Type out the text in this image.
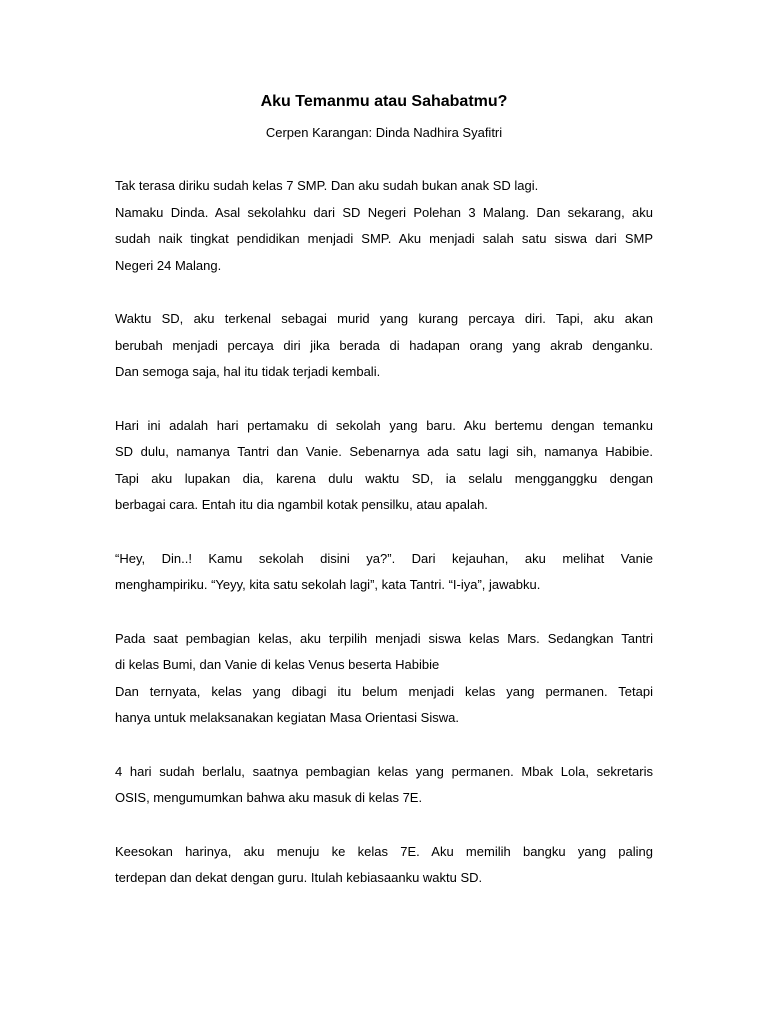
Aku Temanmu atau Sahabatmu?
Cerpen Karangan: Dinda Nadhira Syafitri
Tak terasa diriku sudah kelas 7 SMP. Dan aku sudah bukan anak SD lagi.
Namaku Dinda. Asal sekolahku dari SD Negeri Polehan 3 Malang. Dan sekarang, aku
sudah naik tingkat pendidikan menjadi SMP. Aku menjadi salah satu siswa dari SMP
Negeri 24 Malang.
Waktu SD, aku terkenal sebagai murid yang kurang percaya diri. Tapi, aku akan
berubah menjadi percaya diri jika berada di hadapan orang yang akrab denganku.
Dan semoga saja, hal itu tidak terjadi kembali.
Hari ini adalah hari pertamaku di sekolah yang baru. Aku bertemu dengan temanku
SD dulu, namanya Tantri dan Vanie. Sebenarnya ada satu lagi sih, namanya Habibie.
Tapi aku lupakan dia, karena dulu waktu SD, ia selalu mengganggku dengan
berbagai cara. Entah itu dia ngambil kotak pensilku, atau apalah.
“Hey, Din..! Kamu sekolah disini ya?”. Dari kejauhan, aku melihat Vanie
menghampiriku. “Yeyy, kita satu sekolah lagi”, kata Tantri. “I-iya”, jawabku.
Pada saat pembagian kelas, aku terpilih menjadi siswa kelas Mars. Sedangkan Tantri
di kelas Bumi, dan Vanie di kelas Venus beserta Habibie
Dan ternyata, kelas yang dibagi itu belum menjadi kelas yang permanen. Tetapi
hanya untuk melaksanakan kegiatan Masa Orientasi Siswa.
4 hari sudah berlalu, saatnya pembagian kelas yang permanen. Mbak Lola, sekretaris
OSIS, mengumumkan bahwa aku masuk di kelas 7E.
Keesokan harinya, aku menuju ke kelas 7E. Aku memilih bangku yang paling
terdepan dan dekat dengan guru. Itulah kebiasaanku waktu SD.
